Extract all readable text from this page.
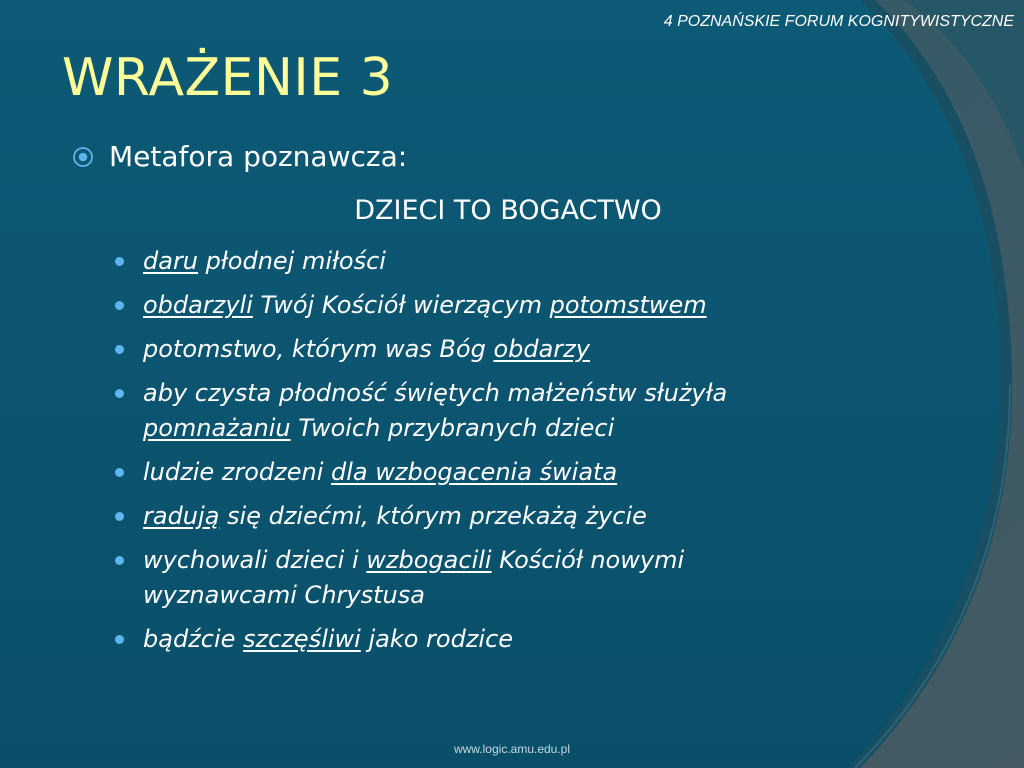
4 POZNAŃSKIE FORUM KOGNITYWISTYCZNE
WRAŻENIE 3
Metafora poznawcza:
DZIECI TO BOGACTWO
daru płodnej miłości
obdarzyli Twój Kościół wierzącym potomstwem
potomstwo, którym was Bóg obdarzy
aby czysta płodność świętych małżeństw służyła pomnażaniu Twoich przybranych dzieci
ludzie zrodzeni dla wzbogacenia świata
radują się dziećmi, którym przekażą życie
wychowali dzieci i wzbogacili Kościół nowymi wyznawcami Chrystusa
bądźcie szczęśliwi jako rodzice
www.logic.amu.edu.pl
